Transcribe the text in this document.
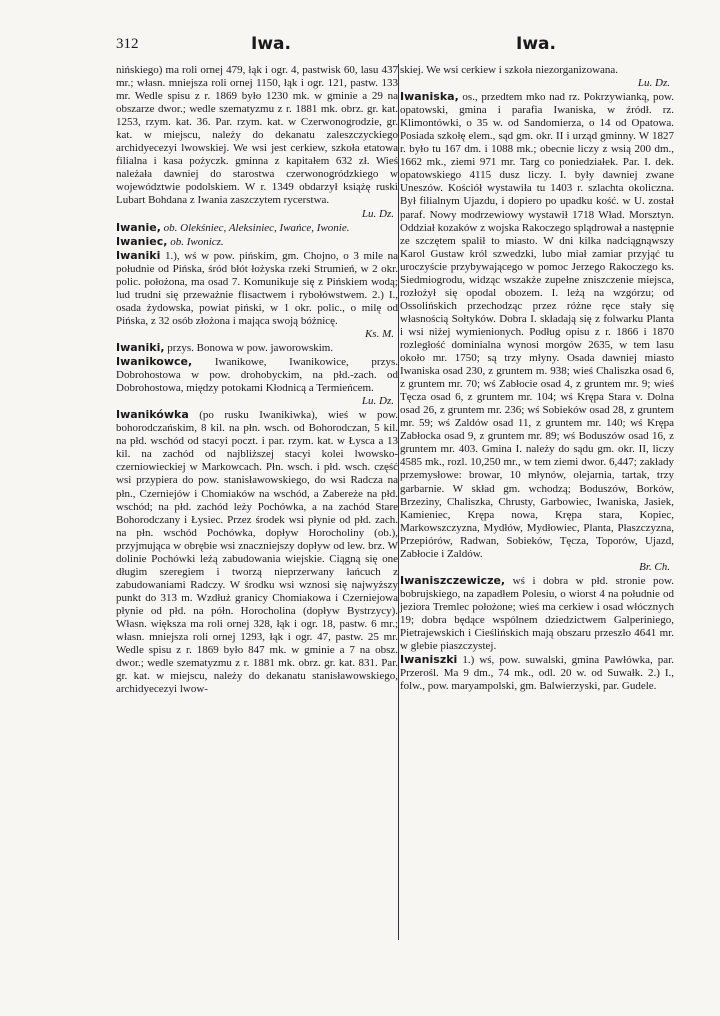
312	Iwa.	Iwa.

nińskiego) ma roli ornej 479, łąk i ogr. 4, pastwisk 60, lasu 437 mr.; własn. mniejsza roli ornej 1150, łąk i ogr. 121, pastw. 133 mr. Wedle spisu z r. 1869 było 1230 mk. w gminie a 29 na obszarze dwor.; wedle szematyzmu z r. 1881 mk. obrz. gr. kat. 1253, rzym. kat. 36. Par. rzym. kat. w Czerwonogrodzie, gr. kat. w miejscu, należy do dekanatu zaleszczyckiego archidyecezyi lwowskiej. We wsi jest cerkiew, szkoła etatowa filialna i kasa pożyczk. gminna z kapitałem 632 zł. Wieś należała dawniej do starostwa czerwonogródzkiego w województwie podolskiem. W r. 1349 obdarzył książę ruski Lubart Bohdana z Iwania zaszczytem rycerstwa.
Lu. Dz.

Iwanie, ob. Olekśniec, Aleksiniec, Iwańce, Iwonie.

Iwaniec, ob. Iwonicz.

Iwaniki 1.), wś w pow. pińskim, gm. Chojno, o 3 mile na południe od Pińska, śród błót łożyska rzeki Strumień, w 2 okr. polic. położona, ma osad 7. Komunikuje się z Pińskiem wodą; lud trudni się przeważnie flisactwem i rybołówstwem. 2.) I., osada żydowska, powiat piński, w 1 okr. polic., o milę od Pińska, z 32 osób złożona i mająca swoją bóżnicę.
Ks. M.

Iwaniki, przys. Bonowa w pow. jaworowskim.

Iwanikowce, Iwanikowe, Iwanikowice, przys. Dobrohostowa w pow. drohobyckim, na płd.-zach. od Dobrohostowa, między potokami Kłodnicą a Termieńcem.
Lu. Dz.

Iwanikówka (po rusku Iwanikiwka), wieś w pow. bohorodczańskim, 8 kil. na płn. wsch. od Bohorodczan, 5 kil. na płd. wschód od stacyi poczt. i par. rzym. kat. w Łysca a 13 kil. na zachód od najbliższej stacyi kolei lwowsko-czerniowieckiej w Markowcach. Płn. wsch. i płd. wsch. część wsi przypiera do pow. stanisławowskiego, do wsi Radcza na płn., Czerniejów i Chomiaków na wschód, a Zabereże na płd. wschód; na płd. zachód leży Pochówka, a na zachód Stare Bohorodczany i Łysiec. Przez środek wsi płynie od płd. zach. na płn. wschód Pochówka, dopływ Horocholiny (ob.), przyjmująca w obrębie wsi znaczniejszy dopływ od lew. brz. W dolinie Pochówki leżą zabudowania wiejskie. Ciągną się one długim szeregiem i tworzą nieprzerwany łańcuch z zabudowaniami Radczy. W środku wsi wznosi się najwyższy punkt do 313 m. Wzdłuż granicy Chomiakowa i Czerniejowa płynie od płd. na półn. Horocholina (dopływ Bystrzycy). Własn. większa ma roli ornej 328, łąk i ogr. 18, pastw. 6 mr.; własn. mniejsza roli ornej 1293, łąk i ogr. 47, pastw. 25 mr. Wedle spisu z r. 1869 było 847 mk. w gminie a 7 na obsz. dwor.; wedle szematyzmu z r. 1881 mk. obrz. gr. kat. 831. Par. gr. kat. w miejscu, należy do dekanatu stanisławowskiego, archidyecezyi lwow-

skiej. We wsi cerkiew i szkoła niezorganizowana.
Lu. Dz.

Iwaniska, os., przedtem mko nad rz. Pokrzywianką, pow. opatowski, gmina i parafia Iwaniska, w źródł. rz. Klimontówki, o 35 w. od Sandomierza, o 14 od Opatowa. Posiada szkołę elem., sąd gm. okr. II i urząd gminny. W 1827 r. było tu 167 dm. i 1088 mk.; obecnie liczy z wsią 200 dm., 1662 mk., ziemi 971 mr. Targ co poniedziałek. Par. I. dek. opatowskiego 4115 dusz liczy. I. były dawniej zwane Uneszów. Kościół wystawiła tu 1403 r. szlachta okoliczna. Był filialnym Ujazdu, i dopiero po upadku kość. w U. został paraf. Nowy modrzewiowy wystawił 1718 Wład. Morsztyn. Oddział kozaków z wojska Rakoczego splądrował a następnie ze szczętem spalił to miasto. W dni kilka nadciągnąwszy Karol Gustaw król szwedzki, lubo miał zamiar przyjąć tu uroczyście przybywającego w pomoc Jerzego Rakoczego ks. Siedmiogrodu, widząc wszakże zupełne zniszczenie miejsca, rozłożył się opodal obozem. I. leżą na wzgórzu; od Ossolińskich przechodząc przez różne ręce stały się własnością Sołtyków. Dobra I. składają się z folwarku Planta i wsi niżej wymienionych. Podług opisu z r. 1866 i 1870 rozległość dominialna wynosi morgów 2635, w tem lasu około mr. 1750; są trzy młyny. Osada dawniej miasto Iwaniska osad 230, z gruntem m. 938; wieś Chaliszka osad 6, z gruntem mr. 70; wś Zabłocie osad 4, z gruntem mr. 9; wieś Tęcza osad 6, z gruntem mr. 104; wś Krępa Stara v. Dolna osad 26, z gruntem mr. 236; wś Sobieków osad 28, z gruntem mr. 59; wś Zaldów osad 11, z gruntem mr. 140; wś Krępa Zabłocka osad 9, z gruntem mr. 89; wś Boduszów osad 16, z gruntem mr. 403. Gmina I. należy do sądu gm. okr. II, liczy 4585 mk., rozl. 10,250 mr., w tem ziemi dwor. 6,447; zakłady przemysłowe: browar, 10 młynów, olejarnia, tartak, trzy garbarnie. W skład gm. wchodzą; Boduszów, Borków, Brzeziny, Chaliszka, Chrusty, Garbowiec, Iwaniska, Jasiek, Kamieniec, Krępa nowa, Krępa stara, Kopiec, Markowszczyzna, Mydłów, Mydłowiec, Planta, Płaszczyzna, Przepiórów, Radwan, Sobieków, Tęcza, Toporów, Ujazd, Zabłocie i Zaldów.
Br. Ch.

Iwaniszczewicze, wś i dobra w płd. stronie pow. bobrujskiego, na zapadłem Polesiu, o wiorst 4 na południe od jeziora Tremlec położone; wieś ma cerkiew i osad włócznych 19; dobra będące wspólnem dziedzictwem Galperiniego, Pietrajewskich i Cieślińskich mają obszaru przeszło 4641 mr. w glebie piaszczystej.

Iwaniszki 1.) wś, pow. suwalski, gmina Pawłówka, par. Przerośl. Ma 9 dm., 74 mk., odl. 20 w. od Suwałk. 2.) I., folw., pow. maryampolski, gm. Balwierzyski, par. Gudele.
